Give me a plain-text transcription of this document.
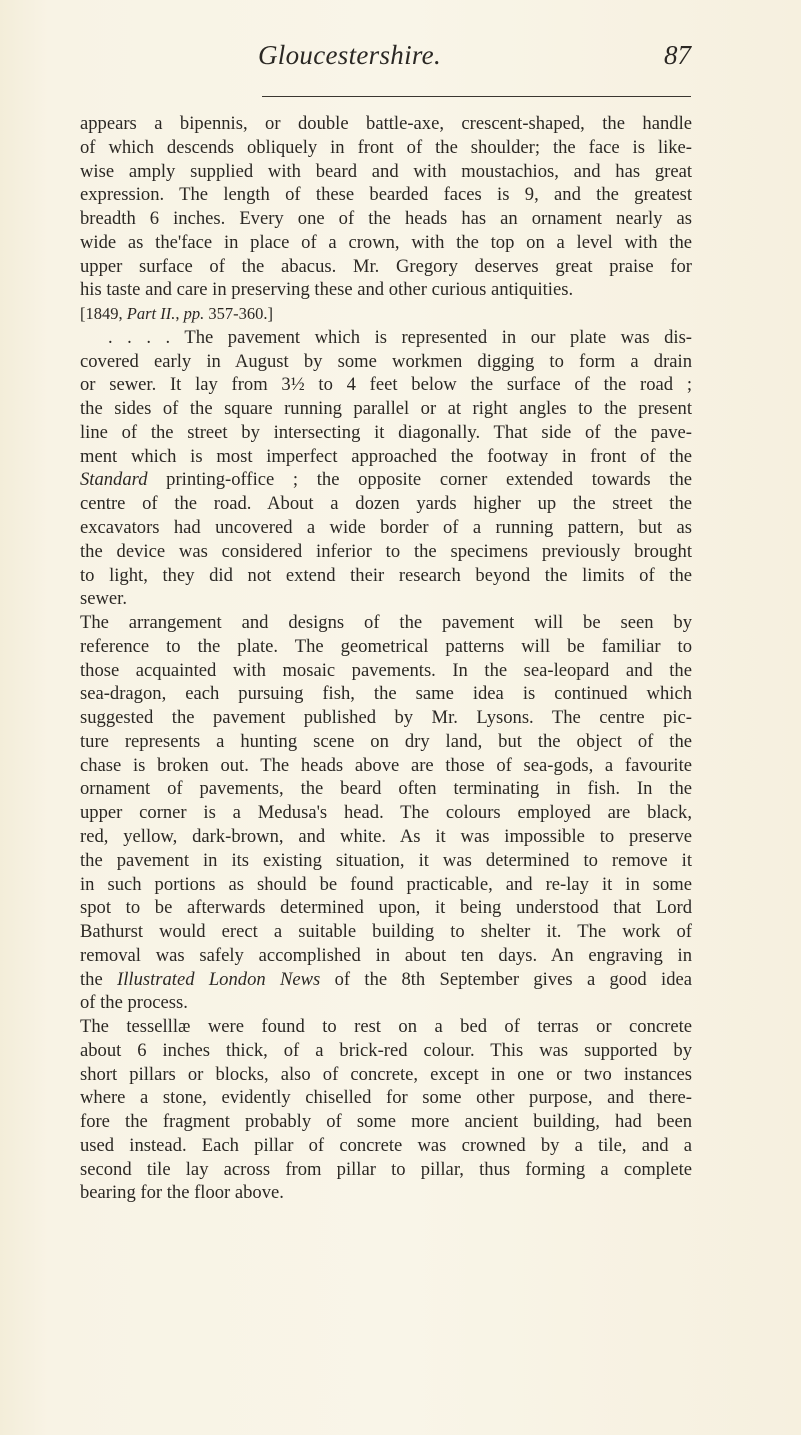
Gloucestershire.	87
appears a bipennis, or double battle-axe, crescent-shaped, the handle
of which descends obliquely in front of the shoulder; the face is like-
wise amply supplied with beard and with moustachios, and has great
expression. The length of these bearded faces is 9, and the greatest
breadth 6 inches. Every one of the heads has an ornament nearly as
wide as the'face in place of a crown, with the top on a level with the
upper surface of the abacus. Mr. Gregory deserves great praise for
his taste and care in preserving these and other curious antiquities.
[1849, Part II., pp. 357-360.]
. . . . The pavement which is represented in our plate was dis-
covered early in August by some workmen digging to form a drain
or sewer. It lay from 3½ to 4 feet below the surface of the road ;
the sides of the square running parallel or at right angles to the present
line of the street by intersecting it diagonally. That side of the pave-
ment which is most imperfect approached the footway in front of the
Standard printing-office ; the opposite corner extended towards the
centre of the road. About a dozen yards higher up the street the
excavators had uncovered a wide border of a running pattern, but as
the device was considered inferior to the specimens previously brought
to light, they did not extend their research beyond the limits of the
sewer.
The arrangement and designs of the pavement will be seen by
reference to the plate. The geometrical patterns will be familiar to
those acquainted with mosaic pavements. In the sea-leopard and the
sea-dragon, each pursuing fish, the same idea is continued which
suggested the pavement published by Mr. Lysons. The centre pic-
ture represents a hunting scene on dry land, but the object of the
chase is broken out. The heads above are those of sea-gods, a favourite
ornament of pavements, the beard often terminating in fish. In the
upper corner is a Medusa's head. The colours employed are black,
red, yellow, dark-brown, and white. As it was impossible to preserve
the pavement in its existing situation, it was determined to remove it
in such portions as should be found practicable, and re-lay it in some
spot to be afterwards determined upon, it being understood that Lord
Bathurst would erect a suitable building to shelter it. The work of
removal was safely accomplished in about ten days. An engraving in
the Illustrated London News of the 8th September gives a good idea
of the process.
The tesselllæ were found to rest on a bed of terras or concrete
about 6 inches thick, of a brick-red colour. This was supported by
short pillars or blocks, also of concrete, except in one or two instances
where a stone, evidently chiselled for some other purpose, and there-
fore the fragment probably of some more ancient building, had been
used instead. Each pillar of concrete was crowned by a tile, and a
second tile lay across from pillar to pillar, thus forming a complete
bearing for the floor above.
